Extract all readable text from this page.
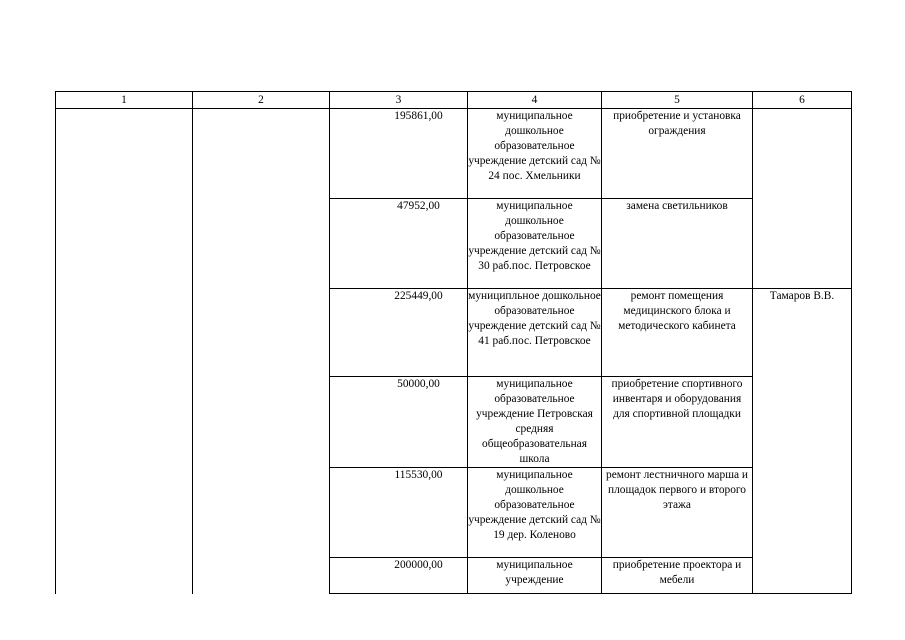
1	2	3	4	5	6
		195861,00	муниципальное дошкольное образовательное учреждение детский сад № 24 пос. Хмельники	приобретение и установка ограждения	
		47952,00	муниципальное дошкольное образовательное учреждение детский сад № 30 раб.пос. Петровское	замена светильников	
		225449,00	муниципльное дошкольное образовательное учреждение детский сад № 41 раб.пос. Петровское	ремонт помещения медицинского блока и методического кабинета	Тамаров В.В.
		50000,00	муниципальное образовательное учреждение Петровская средняя общеобразовательная школа	приобретение спортивного инвентаря и оборудования для спортивной площадки	
		115530,00	муниципальное дошкольное образовательное учреждение детский сад № 19 дер. Коленово	ремонт лестничного марша и площадок первого и второго этажа	
		200000,00	муниципальное учреждение	приобретение проектора и мебели	
